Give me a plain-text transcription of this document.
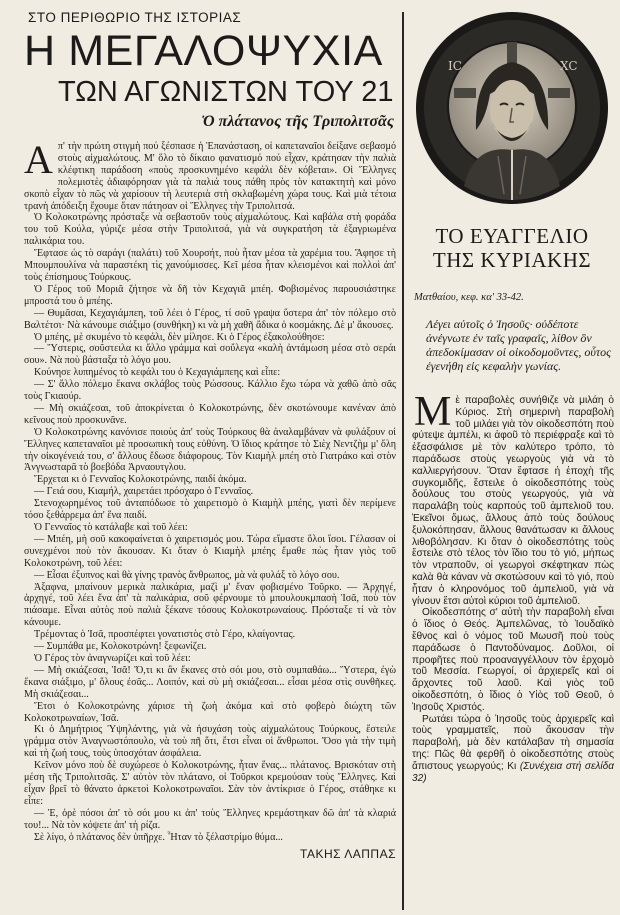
ΣΤΟ ΠΕΡΙΘΩΡΙΟ ΤΗΣ ΙΣΤΟΡΙΑΣ
Η ΜΕΓΑΛΟΨΥΧΙΑ
ΤΩΝ ΑΓΩΝΙΣΤΩΝ ΤΟΥ 21
Ὁ πλάτανος τῆς Τριπολιτσᾶς

Απ' τὴν πρώτη στιγμὴ πού ξέσπασε ἡ Ἐπανάσταση, οἱ καπεταναῖοι δείξανε σεβασμό στοὺς αἰχμαλώτους. Μ' ὅλο τὸ δίκαιο φανατισμό πού εἶχαν, κράτησαν τὴν παλιὰ κλέφτικη παράδοση «ποὺς προσκυνημένο κεφάλι δὲν κόβεται». Οἱ Ἕλληνες πολεμιστὲς ἀδιαφόρησαν γιὰ τὰ παλιά τους πάθη πρὸς τὸν κατακτητὴ καὶ μόνο σκοπὸ εἶχαν τὸ πῶς νὰ χαρίσουν τὴ λευτεριὰ στὴ σκλαβωμένη χώρα τους. Καὶ μιὰ τέτοια τρανὴ ἀπόδειξη ἔχουμε ὅταν πάτησαν οἱ Ἕλληνες τὴν Τριπολιτσά.

Ὁ Κολοκοτρώνης πρόσταξε νὰ σεβαστοῦν τοὺς αἰχμαλώτους. Καὶ καβάλα στὴ φοράδα του τοῦ Κούλα, γύριζε μέσα στὴν Τριπολιτσά, γιὰ νὰ συγκρατήση τὰ ἐξαγριωμένα παλικάρια του.

Ἔφτασε ὡς τὸ σαράγι (παλάτι) τοῦ Χουρσήτ, ποὺ ἦταν μέσα τὰ χαρέμια του. Ἄφησε τὴ Μπουμπουλίνα νὰ παραστέκη τὶς χανούμισσες. Κεῖ μέσα ἦταν κλεισμένοι καὶ πολλοὶ ἀπ' τοὺς ἐπίσημους Τούρκους.

Ὁ Γέρος τοῦ Μοριᾶ ζήτησε νὰ δῆ τὸν Κεχαγιᾶ μπέη. Φοβισμένος παρουσιάστηκε μπροστά του ὁ μπέης.

— Θυμᾶσαι, Κεχαγιάμπεη, τοῦ λέει ὁ Γέρος, τί σοῦ γραψα ὕστερα ἀπ' τὸν πόλεμο στὸ Βαλτέτσι· Νὰ κάνουμε σιάξιμο (συνθήκη) κι νὰ μὴ χαθῆ ἄδικα ὁ κοσμάκης. Δὲ μ' ἄκουσες.

Ὁ μπέης, μὲ σκυμένο τὸ κεφάλι, δὲν μίλησε. Κι ὁ Γέρος ἐξακολούθησε:

— Ὕστερις, σοῦστειλα κι ἄλλο γράμμα καὶ σοὔλεγα «καλὴ ἀντάμωση μέσα στὸ σεράι σου». Νὰ ποὺ βάσταξα τὸ λόγο μου.

Κούνησε λυπημένος τὸ κεφάλι του ὁ Κεχαγιάμπεης καὶ εἶπε:

— Σ' ἄλλο πόλεμο ἔκανα σκλάβος τοὺς Ρώσσους. Κάλλιο ἔχω τώρα νὰ χαθῶ ἀπὸ σᾶς τοὺς Γκιαούρ.

— Μὴ σκιάζεσαι, τοῦ ἀποκρίνεται ὁ Κολοκοτρώνης, δὲν σκοτώνουμε κανέναν ἀπὸ κεῖνους ποὺ προσκυνᾶνε.

Ὁ Κολοκοτρώνης κανόνισε ποιοὺς ἀπ' τοὺς Τούρκους θὰ ἀναλαμβάναν νὰ φυλάξουν οἱ Ἕλληνες καπεταναῖοι μὲ προσωπικὴ τους εὐθύνη. Ὁ ἴδιος κράτησε τὸ Σιὲχ Νεντζὴμ μ' ὅλη τὴν οἰκογένειά του, σ' ἄλλους ἔδωσε διάφορους. Τὸν Κιαμὴλ μπέη στὸ Γιατράκο καὶ στὸν Ἀνγνωσταρᾶ τὸ βοεβόδα Ἀρναουτγλου.

Ἔρχεται κι ὁ Γενναῖος Κολοκοτρώνης, παιδί ἀκόμα.

— Γειά σου, Κιαμήλ, χαιρετάει πρόσχαρο ὁ Γενναῖος.

Στενοχωρημένος τοῦ ἀνταπόδωσε τὸ χαιρετισμὸ ὁ Κιαμὴλ μπέης, γιατὶ δὲν περίμενε τόσο ξεθάρρεμα ἀπ' ἕνα παιδί.

Ὁ Γενναῖος τὸ κατάλαβε καὶ τοῦ λέει:

— Μπέη, μὴ σοῦ κακοφαίνεται ὁ χαιρετισμός μου. Τώρα εἴμαστε ὅλοι ἴσοι. Γέλασαν οἱ συνεχμένοι ποὺ τὸν ἄκουσαν. Κι ὅταν ὁ Κιαμὴλ μπέης ἔμαθε πὼς ἦταν γιὸς τοῦ Κολοκοτρώνη, τοῦ λέει:

— Εἶσαι ἐξυπνος καὶ θὰ γίνης τρανὸς ἄνθρωπος, μὰ νὰ φυλάξ τὸ λόγο σου.

Ἀξαφνα, μπαίνουν μερικὰ παλικάρια, μαζὶ μ' ἕναν φοβισμένο Τοῦρκο. — Ἀρχηγέ, ἀρχηγέ, τοῦ λέει ἕνα ἀπ' τὰ παλικάρια, σοῦ φέρνουμε τὸ μπουλουκμπασὴ Ἰσᾶ, ποὺ τὸν πιάσαμε. Εἶναι αὐτὸς ποὺ παλιὰ ξέκανε τόσους Κολοκοτρωναίους. Πρόσταξε τί νὰ τὸν κάνουμε.

Τρέμοντας ὁ Ἰσᾶ, προσπέφτει γονατιστὸς στὸ Γέρο, κλαίγοντας.

— Συμπάθα με, Κολοκοτρώνη! ξεφωνίζει.

Ὁ Γέρος τὸν ἀναγνωρίζει καὶ τοῦ λέει:

— Μὴ σκιάζεσαι, Ἰσᾶ! Ὅ,τι κι ἂν ἔκανες στὸ σόι μου, στὸ συμπαθάω... Ὕστερα, ἐγὼ ἔκανα σιάξιμο, μ' ὅλους ἐσᾶς... Λοιπόν, καὶ σὺ μὴ σκιάζεσαι... εἶσαι μέσα στὶς συνθῆκες. Μὴ σκιάζεσαι...

Ἔτσι ὁ Κολοκοτρώνης χάρισε τὴ ζωὴ ἀκόμα καὶ στὸ φοβερὸ διώχτη τῶν Κολοκοτρωναίων, Ἰσᾶ.

Κι ὁ Δημήτριος Ὑψηλάντης, γιὰ νὰ ἡσυχάση τοὺς αἰχμαλώτους Τούρκους, ἔστειλε γράμμα στὸν Ἀναγνωστόπουλο, νὰ τοὺ πῆ ὅτι, ἔτσι εἶναι οἱ ἄνθρωποι. Ὅσο γιὰ τὴν τιμὴ καὶ τὴ ζωή τους, τοὺς ὑποσχόταν ἀσφάλεια.

Κεῖνον μόνο ποὺ δὲ συχώρεσε ὁ Κολοκοτρώνης, ἦταν ἕνας... πλάτανος. Βρισκόταν στὴ μέση τῆς Τριπολιτσᾶς. Σ' αὐτὸν τὸν πλάτανο, οἱ Τοῦρκοι κρεμούσαν τοὺς Ἕλληνες. Καὶ εἶχαν βρεῖ τὸ θάνατο ἀρκετοὶ Κολοκοτρωναῖοι. Σὰν τὸν ἀντίκρισε ὁ Γέρος, στάθηκε κι εἶπε:

— Ἐ, ὀρὲ πόσοι ἀπ' τὸ σόι μου κι ἀπ' τοὺς Ἕλληνες κρεμάστηκαν δῶ ἀπ' τὰ κλαριά του!... Νὰ τὸν κόψετε ἀπ' τὴ ρίζα.

Σὲ λίγο, ὁ πλάτανος δὲν ὑπῆρχε. Ἦταν τὸ ξέλαστρίμο θύμα...

ΤΑΚΗΣ ΛΑΠΠΑΣ
IC	XC
ΤΟ ΕΥΑΓΓΕΛΙΟ
ΤΗΣ ΚΥΡΙΑΚΗΣ
Ματθαίου, κεφ. κα' 33-42.
Λέγει αὐτοῖς ὁ Ἰησοῦς· οὐδέποτε ἀνέγνωτε ἐν ταῖς γραφαῖς, λίθον ὃν ἀπεδοκίμασαν οἱ οἰκοδομοῦντες, οὗτος ἐγενήθη εἰς κεφαλὴν γωνίας.

Μὲ παραβολὲς συνήθιζε νὰ μιλάη ὁ Κύριος. Στὴ σημερινὴ παραβολὴ τοῦ μιλάει γιὰ τὸν οἰκοδεσπότη ποὺ φύτεψε ἀμπέλι, κι ἀφοῦ τὸ περιέφραξε καὶ τὸ ἐξασφάλισε μὲ τὸν καλύτερο τρόπο, τὸ παράδωσε στοὺς γεωργοὺς γιὰ νὰ τὸ καλλιεργήσουν. Ὅταν ἔφτασε ἡ ἐποχὴ τῆς συγκομιδῆς, ἔστειλε ὁ οἰκοδεσπότης τοὺς δούλους του στοὺς γεωργούς, γιὰ νὰ παραλάβη τοὺς καρπούς τοῦ ἀμπελιοῦ του. Ἐκεῖνοι ὅμως, ἄλλους ἀπὸ τοὺς δούλους ξυλοκόπησαν, ἄλλους θανάτωσαν κι ἄλλους λιθοβόλησαν. Κι ὅταν ὁ οἰκοδεσπότης τοὺς ἔστειλε στὸ τέλος τὸν ἴδιο του τὸ γιό, μήπως τὸν ντραποῦν, οἱ γεωργοὶ σκέφτηκαν πὼς καλὰ θὰ κάναν νὰ σκοτώσουν καὶ τὸ γιό, ποὺ ἦταν ὁ κληρονόμος τοῦ ἀμπελιοῦ, γιὰ νὰ γίνουν ἔτσι αὐτοὶ κύριοι τοῦ ἀμπελιοῦ.

Οἰκοδεσπότης σ' αὐτὴ τὴν παραβολὴ εἶναι ὁ ἴδιος ὁ Θεός. Ἀμπελῶνας, τὸ Ἰουδαϊκὸ ἔθνος καὶ ὁ νόμος τοῦ Μωυσῆ ποὺ τοὺς παράδωσε ὁ Παντοδύναμος. Δοῦλοι, οἱ προφῆτες ποὺ προαναγγέλλουν τὸν ἐρχομὸ τοῦ Μεσσία. Γεωργοί, οἱ ἀρχιερεῖς καὶ οἱ ἄρχοντες τοῦ λαοῦ. Καὶ γιὸς τοῦ οἰκοδεσπότη, ὁ ἴδιος ὁ Υἱὸς τοῦ Θεοῦ, ὁ Ἰησοῦς Χριστός.

Ρωτάει τώρα ὁ Ἰησοῦς τοὺς ἀρχιερεῖς καὶ τοὺς γραμματεῖς, ποὺ ἄκουσαν τὴν παραβολή, μὰ δὲν κατάλαβαν τὴ σημασία της: Πῶς θὰ φερθῆ ὁ οἰκοδεσπότης στοὺς ἄπιστους γεωργούς; Κι (Συνέχεια στή σελίδα 32)
